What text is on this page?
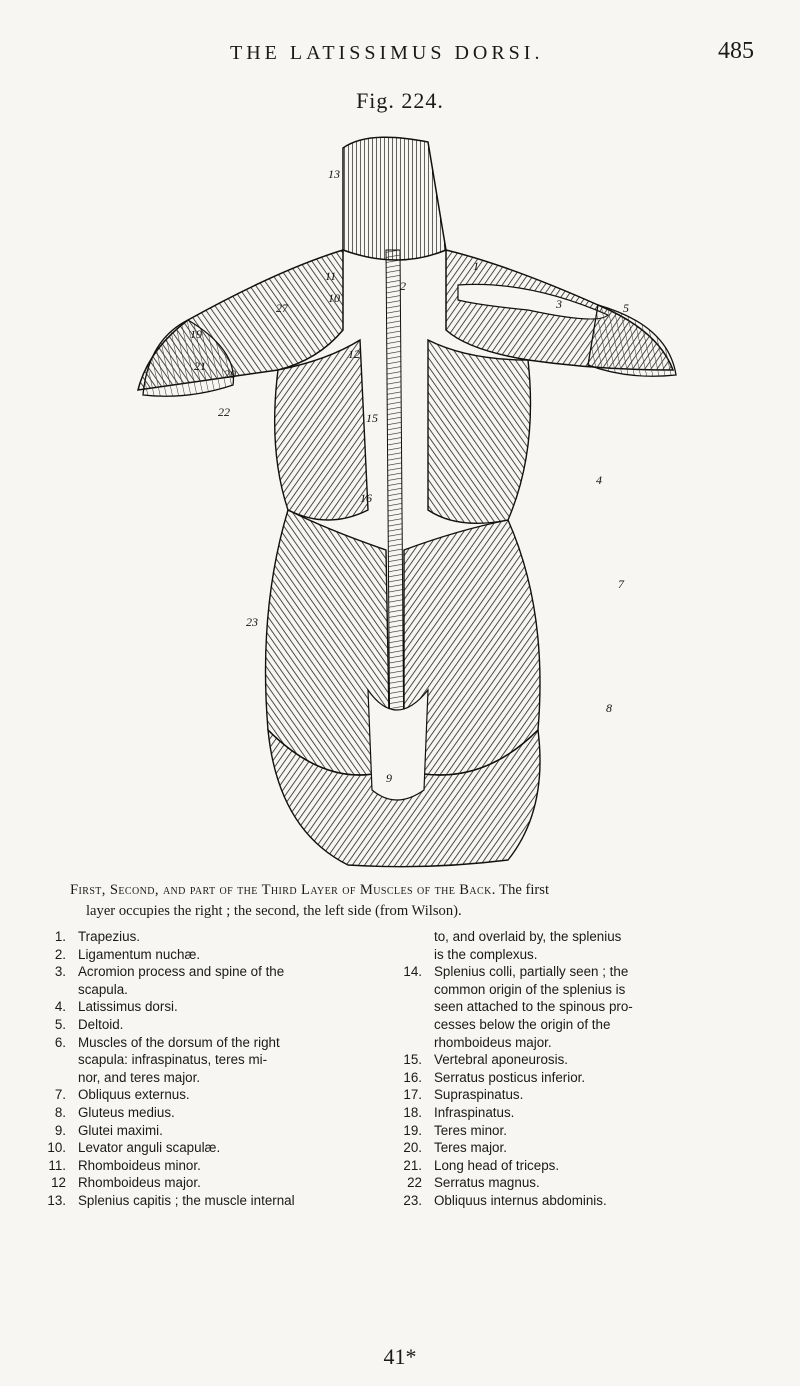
THE LATISSIMUS DORSI.	485
Fig. 224.
13
11
10
19
21
20
22
27
12
15
16
23
2
1
5
3
4
7
8
9
First, Second, and part of the Third Layer of Muscles of the Back. The first
layer occupies the right ; the second, the left side (from Wilson).
1. Trapezius.
2. Ligamentum nuchæ.
3. Acromion process and spine of the
scapula.
4. Latissimus dorsi.
5. Deltoid.
6. Muscles of the dorsum of the right
scapula: infraspinatus, teres mi-
nor, and teres major.
7. Obliquus externus.
8. Gluteus medius.
9. Glutei maximi.
10. Levator anguli scapulæ.
11. Rhomboideus minor.
12 Rhomboideus major.
13. Splenius capitis ; the muscle internal
to, and overlaid by, the splenius
is the complexus.
14. Splenius colli, partially seen ; the
common origin of the splenius is
seen attached to the spinous pro-
cesses below the origin of the
rhomboideus major.
15. Vertebral aponeurosis.
16. Serratus posticus inferior.
17. Supraspinatus.
18. Infraspinatus.
19. Teres minor.
20. Teres major.
21. Long head of triceps.
22 Serratus magnus.
23. Obliquus internus abdominis.
41*
